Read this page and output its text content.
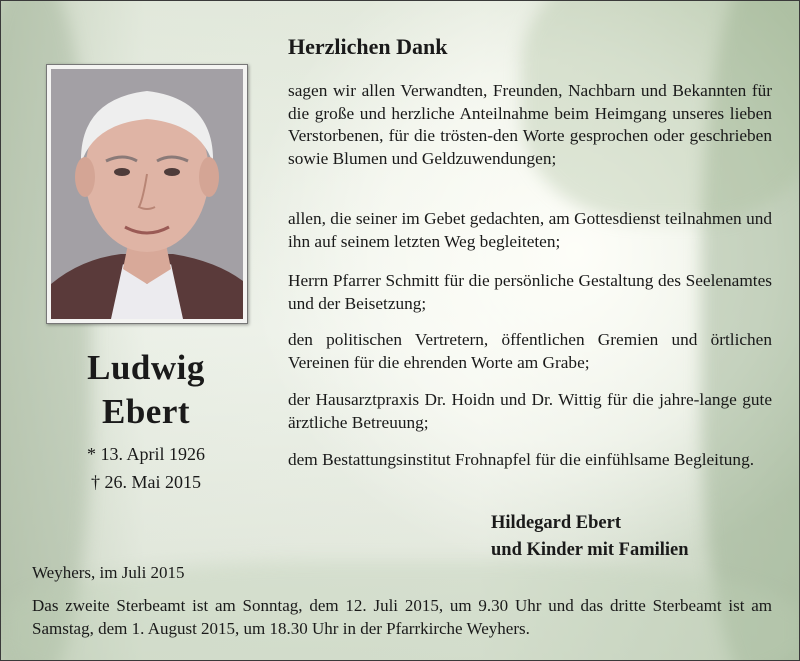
Ludwig
Ebert
* 13. April 1926
† 26. Mai 2015
Herzlichen Dank
sagen wir allen Verwandten, Freunden, Nachbarn und Bekannten für die große und herzliche Anteilnahme beim Heimgang unseres lieben Verstorbenen, für die trösten-den Worte gesprochen oder geschrieben sowie Blumen und Geldzuwendungen;
allen, die seiner im Gebet gedachten, am Gottesdienst teilnahmen und ihn auf seinem letzten Weg begleiteten;
Herrn Pfarrer Schmitt für die persönliche Gestaltung des Seelenamtes und der Beisetzung;
den politischen Vertretern, öffentlichen Gremien und örtlichen Vereinen für die ehrenden Worte am Grabe;
der Hausarztpraxis Dr. Hoidn und Dr. Wittig für die jahre-lange gute ärztliche Betreuung;
dem Bestattungsinstitut Frohnapfel für die einfühlsame Begleitung.
Hildegard Ebert
und Kinder mit Familien
Weyhers, im Juli 2015
Das zweite Sterbeamt ist am Sonntag, dem 12. Juli 2015, um 9.30 Uhr und das dritte Sterbeamt ist am Samstag, dem 1. August 2015, um 18.30 Uhr in der Pfarrkirche Weyhers.
